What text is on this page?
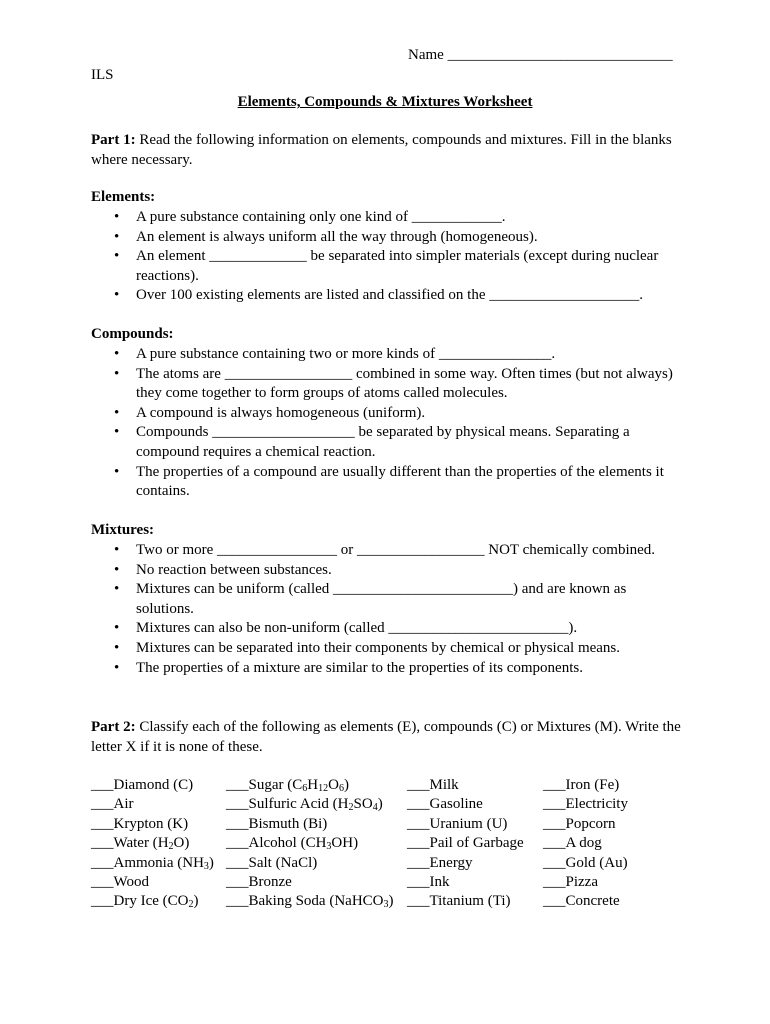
Name ______________________________
ILS
Elements, Compounds & Mixtures Worksheet
Part 1: Read the following information on elements, compounds and mixtures. Fill in the blanks where necessary.
Elements:
• A pure substance containing only one kind of ____________.
• An element is always uniform all the way through (homogeneous).
• An element _____________ be separated into simpler materials (except during nuclear reactions).
• Over 100 existing elements are listed and classified on the ____________________.
Compounds:
• A pure substance containing two or more kinds of _______________.
• The atoms are _________________ combined in some way. Often times (but not always) they come together to form groups of atoms called molecules.
• A compound is always homogeneous (uniform).
• Compounds ___________________ be separated by physical means. Separating a compound requires a chemical reaction.
• The properties of a compound are usually different than the properties of the elements it contains.
Mixtures:
• Two or more ________________ or _________________ NOT chemically combined.
• No reaction between substances.
• Mixtures can be uniform (called ________________________) and are known as solutions.
• Mixtures can also be non-uniform (called ________________________).
• Mixtures can be separated into their components by chemical or physical means.
• The properties of a mixture are similar to the properties of its components.
Part 2: Classify each of the following as elements (E), compounds (C) or Mixtures (M). Write the letter X if it is none of these.
___Diamond (C)
___Air
___Krypton (K)
___Water $(H_2O)$
___Ammonia $(NH_3)$
___Wood
___Dry Ice $(CO_2)$
___Sugar $(C_6H_{12}O_6)$
___Sulfuric Acid $(H_2SO_4)$
___Bismuth (Bi)
___Alcohol $(CH_3OH)$
___Salt (NaCl)
___Bronze
___Baking Soda (NaHCO$_3$)
___Milk
___Gasoline
___Uranium (U)
___Pail of Garbage
___Energy
___Ink
___Titanium (Ti)
___Iron (Fe)
___Electricity
___Popcorn
___A dog
___Gold (Au)
___Pizza
___Concrete
